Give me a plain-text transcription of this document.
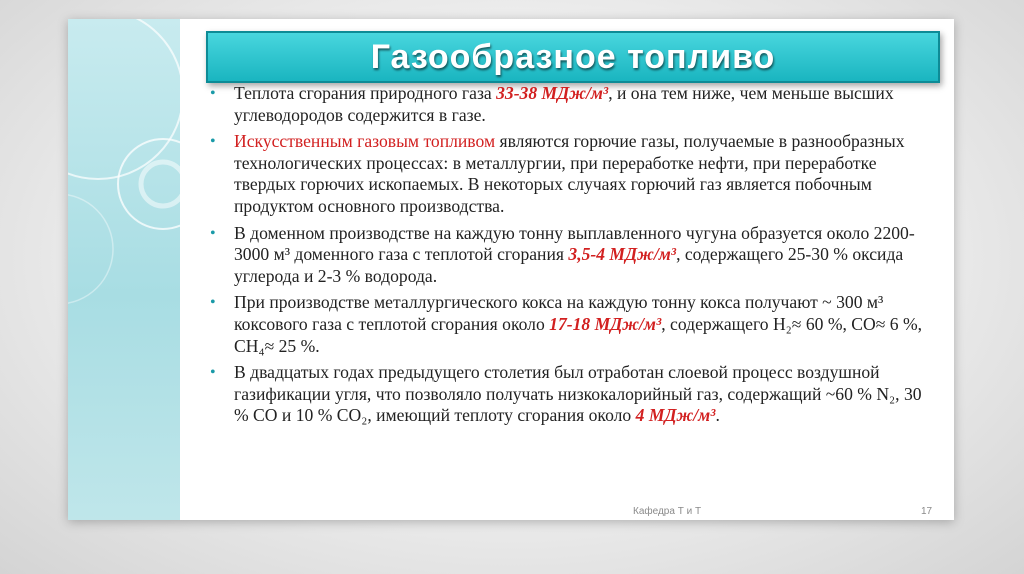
Газообразное топливо
• Теплота сгорания природного газа 33-38 МДж/м³, и она тем ниже, чем меньше высших углеводородов содержится в газе.
• Искусственным газовым топливом являются горючие газы, получаемые в разнообразных технологических процессах: в металлургии, при переработке нефти, при переработке твердых горючих ископаемых. В некоторых случаях горючий газ является побочным продуктом основного производства.
• В доменном производстве на каждую тонну выплавленного чугуна образуется около 2200-3000 м³ доменного газа с теплотой сгорания 3,5-4 МДж/м³, содержащего 25-30 % оксида углерода и 2-3 % водорода.
• При производстве металлургического кокса на каждую тонну кокса получают ~ 300 м³ коксового газа с теплотой сгорания около 17-18 МДж/м³, содержащего H₂≈ 60 %, CO≈ 6 %, CH₄≈ 25 %.
• В двадцатых годах предыдущего столетия был отработан слоевой процесс воздушной газификации угля, что позволяло получать низкокалорийный газ, содержащий ~60 % N₂, 30 % CO и 10 % CO₂, имеющий теплоту сгорания около 4 МДж/м³.
Кафедра Т и Т	17
